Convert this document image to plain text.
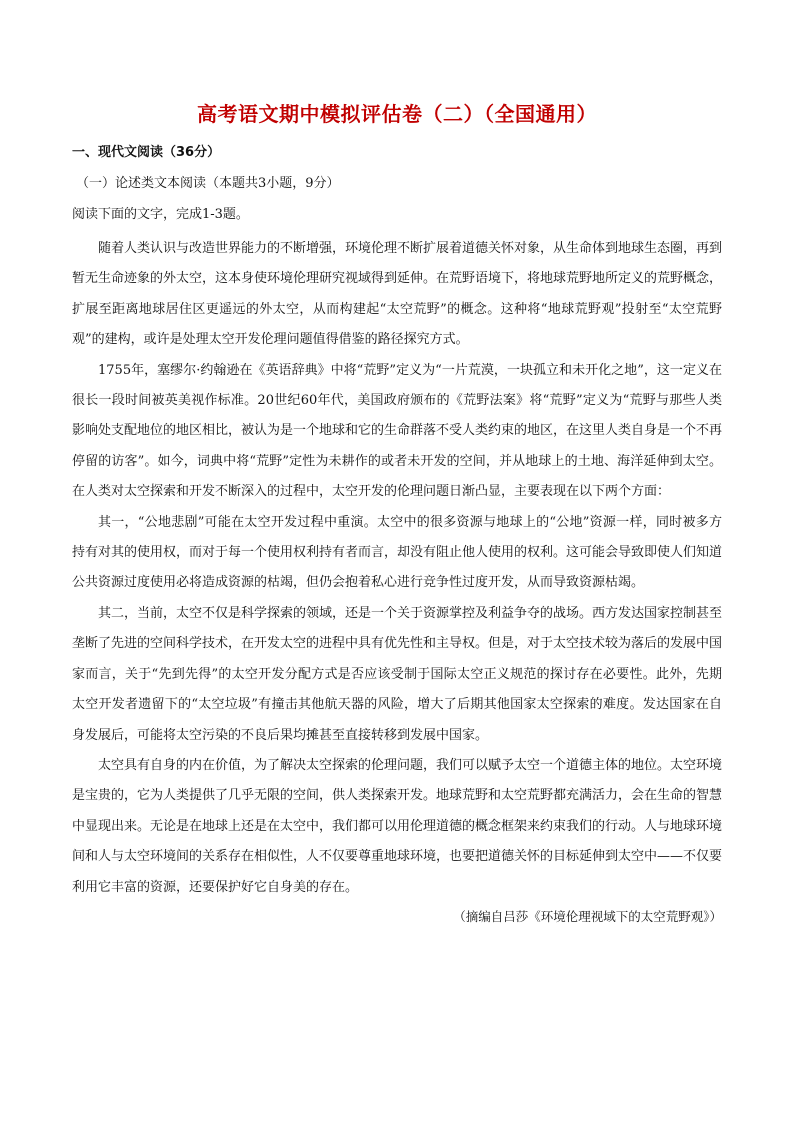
高考语文期中模拟评估卷（二）（全国通用）
一、现代文阅读（36分）
（一）论述类文本阅读（本题共3小题，9分）
阅读下面的文字，完成1-3题。

随着人类认识与改造世界能力的不断增强，环境伦理不断扩展着道德关怀对象，从生命体到地球生态圈，再到暂无生命迹象的外太空，这本身使环境伦理研究视域得到延伸。在荒野语境下，将地球荒野地所定义的荒野概念，扩展至距离地球居住区更遥远的外太空，从而构建起“太空荒野”的概念。这种将“地球荒野观”投射至“太空荒野观”的建构，或许是处理太空开发伦理问题值得借鉴的路径探究方式。

1755年，塞缪尔·约翰逊在《英语辞典》中将“荒野”定义为“一片荒漠，一块孤立和未开化之地”，这一定义在很长一段时间被英美视作标准。20世纪60年代，美国政府颁布的《荒野法案》将“荒野”定义为“荒野与那些人类影响处支配地位的地区相比，被认为是一个地球和它的生命群落不受人类约束的地区，在这里人类自身是一个不再停留的访客”。如今，词典中将“荒野”定性为未耕作的或者未开发的空间，并从地球上的土地、海洋延伸到太空。在人类对太空探索和开发不断深入的过程中，太空开发的伦理问题日渐凸显，主要表现在以下两个方面：

其一，“公地悲剧”可能在太空开发过程中重演。太空中的很多资源与地球上的“公地”资源一样，同时被多方持有对其的使用权，而对于每一个使用权利持有者而言，却没有阻止他人使用的权利。这可能会导致即使人们知道公共资源过度使用必将造成资源的枯竭，但仍会抱着私心进行竞争性过度开发，从而导致资源枯竭。

其二，当前，太空不仅是科学探索的领域，还是一个关于资源掌控及利益争夺的战场。西方发达国家控制甚至垄断了先进的空间科学技术，在开发太空的进程中具有优先性和主导权。但是，对于太空技术较为落后的发展中国家而言，关于“先到先得”的太空开发分配方式是否应该受制于国际太空正义规范的探讨存在必要性。此外，先期太空开发者遗留下的“太空垃圾”有撞击其他航天器的风险，增大了后期其他国家太空探索的难度。发达国家在自身发展后，可能将太空污染的不良后果均摊甚至直接转移到发展中国家。

太空具有自身的内在价值，为了解决太空探索的伦理问题，我们可以赋予太空一个道德主体的地位。太空环境是宝贵的，它为人类提供了几乎无限的空间，供人类探索开发。地球荒野和太空荒野都充满活力，会在生命的智慧中显现出来。无论是在地球上还是在太空中，我们都可以用伦理道德的概念框架来约束我们的行动。人与地球环境间和人与太空环境间的关系存在相似性，人不仅要尊重地球环境，也要把道德关怀的目标延伸到太空中——不仅要利用它丰富的资源，还要保护好它自身美的存在。

（摘编自吕莎《环境伦理视域下的太空荒野观》）
